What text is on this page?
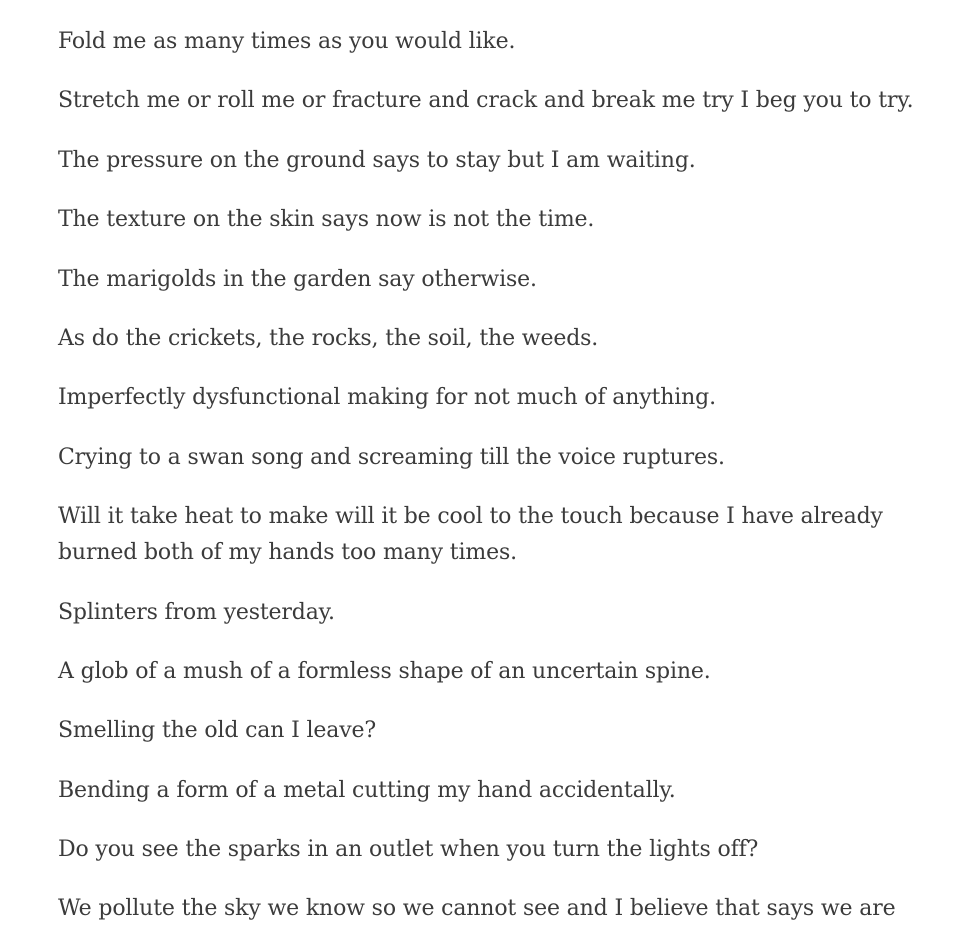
Fold me as many times as you would like.

Stretch me or roll me or fracture and crack and break me try I beg you to try.

The pressure on the ground says to stay but I am waiting.

The texture on the skin says now is not the time.

The marigolds in the garden say otherwise.

As do the crickets, the rocks, the soil, the weeds.

Imperfectly dysfunctional making for not much of anything.

Crying to a swan song and screaming till the voice ruptures.

Will it take heat to make will it be cool to the touch because I have already burned both of my hands too many times.

Splinters from yesterday.

A glob of a mush of a formless shape of an uncertain spine.

Smelling the old can I leave?

Bending a form of a metal cutting my hand accidentally.

Do you see the sparks in an outlet when you turn the lights off?

We pollute the sky we know so we cannot see and I believe that says we are
